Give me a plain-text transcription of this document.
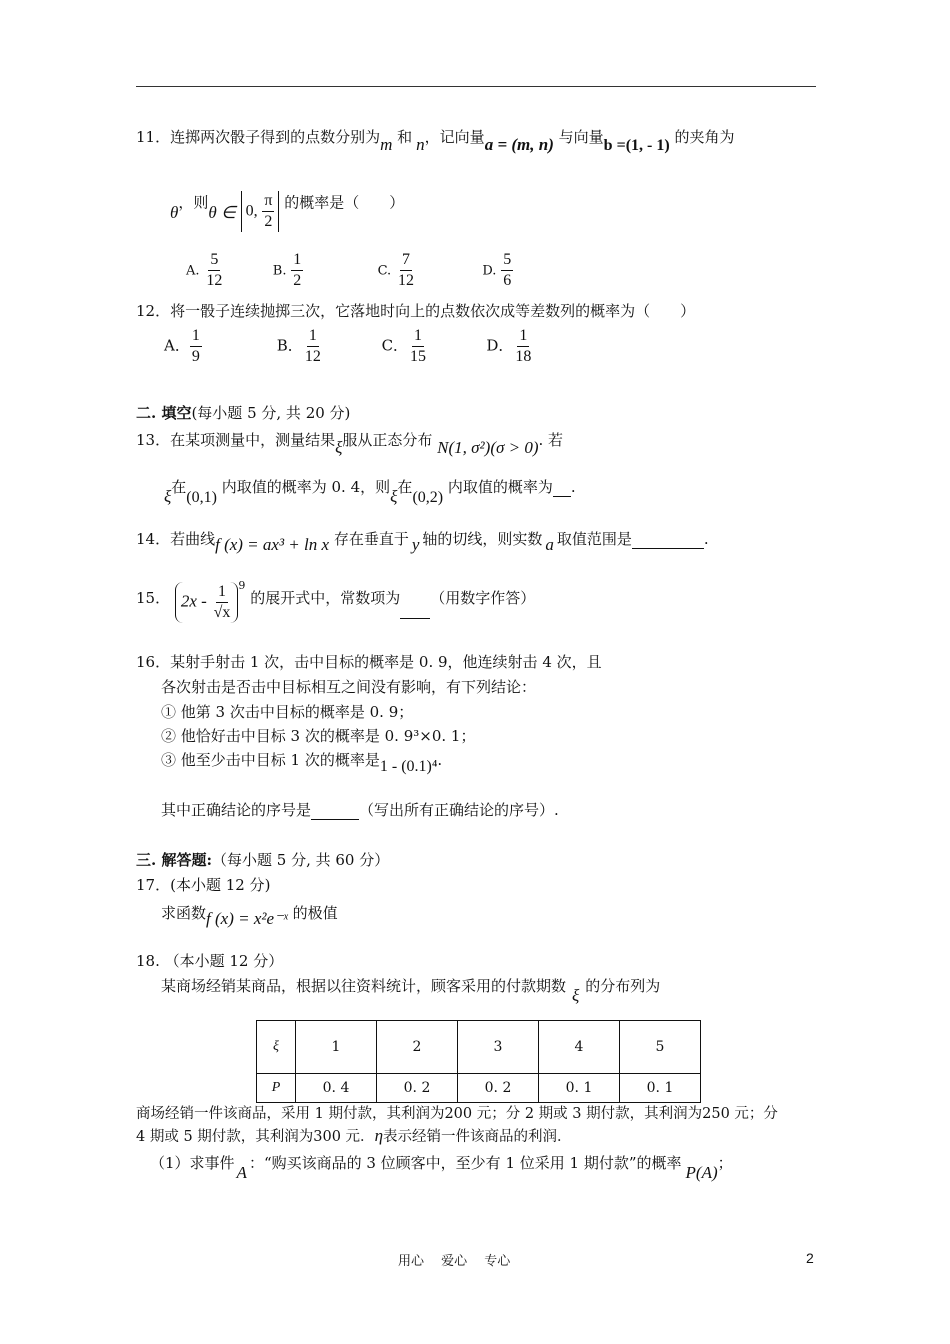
11．连掷两次骰子得到的点数分别为m 和 n，记向量a = (m, n) 与向量b =(1, - 1) 的夹角为
θ，则θ ∈ 0, $\frac{\pi}{2}$ 的概率是（　　）
A. $\frac{5}{12}$	B. $\frac{1}{2}$	C. $\frac{7}{12}$	D. $\frac{5}{6}$
12．将一骰子连续抛掷三次，它落地时向上的点数依次成等差数列的概率为（　　）
A． $\frac{1}{9}$	B． $\frac{1}{12}$	C． $\frac{1}{15}$	D． $\frac{1}{18}$
二. 填空(每小题 5 分, 共 20 分)
13．在某项测量中，测量结果ξ服从正态分布 N(1, σ²)(σ > 0). 若
ξ在(0,1) 内取值的概率为 0. 4，则ξ在(0,2) 内取值的概率为 .
14．若曲线f (x) = ax³ + ln x 存在垂直于 y 轴的切线，则实数 a 取值范围是	.
15． $2x - \frac{1}{√x} ^9$ 的展开式中，常数项为 （用数字作答）
16．某射手射击 1 次，击中目标的概率是 0. 9，他连续射击 4 次，且
各次射击是否击中目标相互之间没有影响，有下列结论：
① 他第 3 次击中目标的概率是 0. 9；
② 他恰好击中目标 3 次的概率是 0. 9³×0. 1；
③ 他至少击中目标 1 次的概率是1 - (0.1)⁴.
其中正确结论的序号是	（写出所有正确结论的序号）.
三. 解答题:（每小题 5 分, 共 60 分）
17．(本小题 12 分)
求函数f (x) = x²e⁻ˣ 的极值
18. （本小题 12 分）
某商场经销某商品，根据以往资料统计，顾客采用的付款期数 ξ 的分布列为
ξ	1	2	3	4	5
P	0. 4	0. 2	0. 2	0. 1	0. 1
商场经销一件该商品，采用 1 期付款，其利润为200 元；分 2 期或 3 期付款，其利润为250 元；分
4 期或 5 期付款，其利润为300 元．η表示经销一件该商品的利润．
（1）求事件 A ：“购买该商品的 3 位顾客中，至少有 1 位采用 1 期付款”的概率 P(A)；
用心　 爱心　 专心	2
